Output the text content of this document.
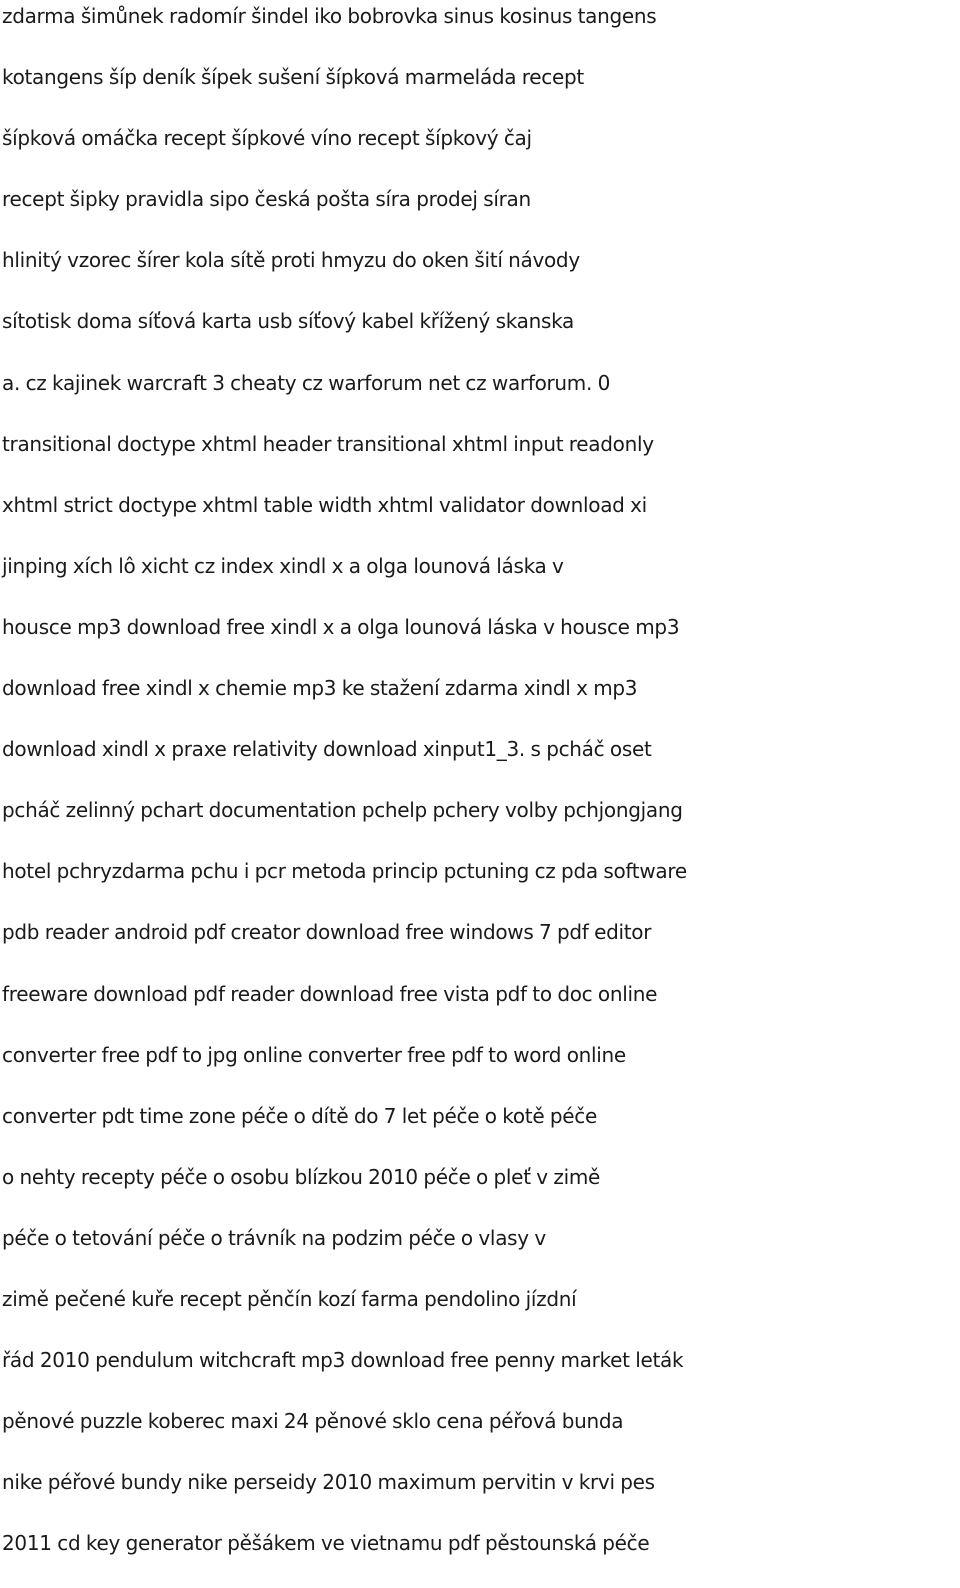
zdarma šimůnek radomír šindel iko bobrovka sinus kosinus tangens
kotangens šíp deník šípek sušení šípková marmeláda recept
šípková omáčka recept šípkové víno recept šípkový čaj
recept šipky pravidla sipo česká pošta síra prodej síran
hlinitý vzorec šírer kola sítě proti hmyzu do oken šití návody
sítotisk doma síťová karta usb síťový kabel křížený skanska
a. cz kajinek warcraft 3 cheaty cz warforum net cz warforum. 0
transitional doctype xhtml header transitional xhtml input readonly
xhtml strict doctype xhtml table width xhtml validator download xi
jinping xích lô xicht cz index xindl x a olga lounová láska v
housce mp3 download free xindl x a olga lounová láska v housce mp3
download free xindl x chemie mp3 ke stažení zdarma xindl x mp3
download xindl x praxe relativity download xinput1_3. s pcháč oset
pcháč zelinný pchart documentation pchelp pchery volby pchjongjang
hotel pchryzdarma pchu i pcr metoda princip pctuning cz pda software
pdb reader android pdf creator download free windows 7 pdf editor
freeware download pdf reader download free vista pdf to doc online
converter free pdf to jpg online converter free pdf to word online
converter pdt time zone péče o dítě do 7 let péče o kotě péče
o nehty recepty péče o osobu blízkou 2010 péče o pleť v zimě
péče o tetování péče o trávník na podzim péče o vlasy v
zimě pečené kuře recept pěnčín kozí farma pendolino jízdní
řád 2010 pendulum witchcraft mp3 download free penny market leták
pěnové puzzle koberec maxi 24 pěnové sklo cena péřová bunda
nike péřové bundy nike perseidy 2010 maximum pervitin v krvi pes
2011 cd key generator pěšákem ve vietnamu pdf pěstounská péče
